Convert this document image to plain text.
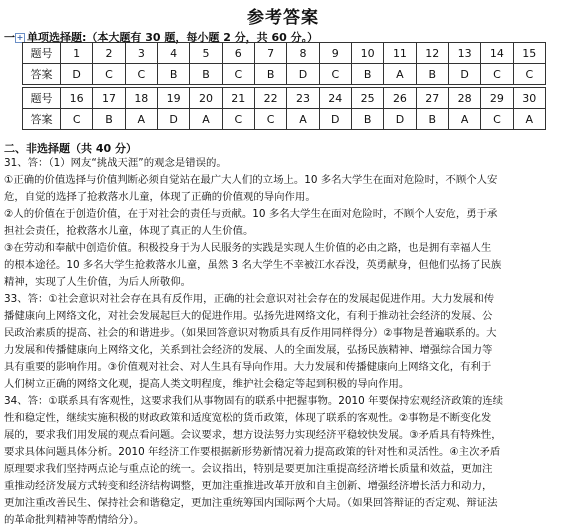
参考答案
一 + 单项选择题:（本大题有 30 题，每小题 2 分，共 60 分。）
题号	1	2	3	4	5	6	7	8	9	10	11	12	13	14	15
答案	D	C	C	B	B	C	B	D	C	B	A	B	D	C	C

题号	16	17	18	19	20	21	22	23	24	25	26	27	28	29	30
答案	C	B	A	D	A	C	C	A	D	B	D	B	A	C	A
二、非选择题（共 40 分）
31、答：（1）网友“挑战天涯”的观念是错误的。
①正确的价值选择与价值判断必须自觉站在最广大人们的立场上。10 多名大学生在面对危险时，不顾个人安
危，自觉的选择了抢救落水儿童，体现了正确的价值观的导向作用。
②人的价值在于创造价值，在于对社会的责任与贡献。10 多名大学生在面对危险时，不顾个人安危，勇于承
担社会责任，抢救落水儿童，体现了真正的人生价值。
③在劳动和奉献中创造价值。积极投身于为人民服务的实践是实现人生价值的必由之路，也是拥有幸福人生
的根本途径。10 多名大学生抢救落水儿童，虽然 3 名大学生不幸被江水吞没，英勇献身，但他们弘扬了民族
精神，实现了人生价值，为后人所敬仰。
33、答：①社会意识对社会存在具有反作用，正确的社会意识对社会存在的发展起促进作用。大力发展和传
播健康向上网络文化，对社会发展起巨大的促进作用。弘扬先进网络文化，有利于推动社会经济的发展、公
民政治素质的提高、社会的和谐进步。（如果回答意识对物质具有反作用同样得分）②事物是普遍联系的。大
力发展和传播健康向上网络文化，关系到社会经济的发展、人的全面发展，弘扬民族精神、增强综合国力等
具有重要的影响作用。③价值观对社会、对人生具有导向作用。大力发展和传播健康向上网络文化，有利于
人们树立正确的网络文化观，提高人类文明程度，维护社会稳定等起到积极的导向作用。
34、答：①联系具有客观性，这要求我们从事物固有的联系中把握事物。2010 年要保持宏观经济政策的连续
性和稳定性，继续实施积极的财政政策和适度宽松的货币政策，体现了联系的客观性。②事物是不断变化发
展的，要求我们用发展的观点看问题。会议要求，想方设法努力实现经济平稳较快发展。③矛盾具有特殊性，
要求具体问题具体分析。2010 年经济工作要根据新形势新情况着力提高政策的针对性和灵活性。④主次矛盾
原理要求我们坚持两点论与重点论的统一。会议指出，特别是要更加注重提高经济增长质量和效益，更加注
重推动经济发展方式转变和经济结构调整，更加注重推进改革开放和自主创新、增强经济增长活力和动力，
更加注重改善民生、保持社会和谐稳定，更加注重统筹国内国际两个大局。（如果回答辩证的否定观、辩证法
的革命批判精神等酌情给分）。
